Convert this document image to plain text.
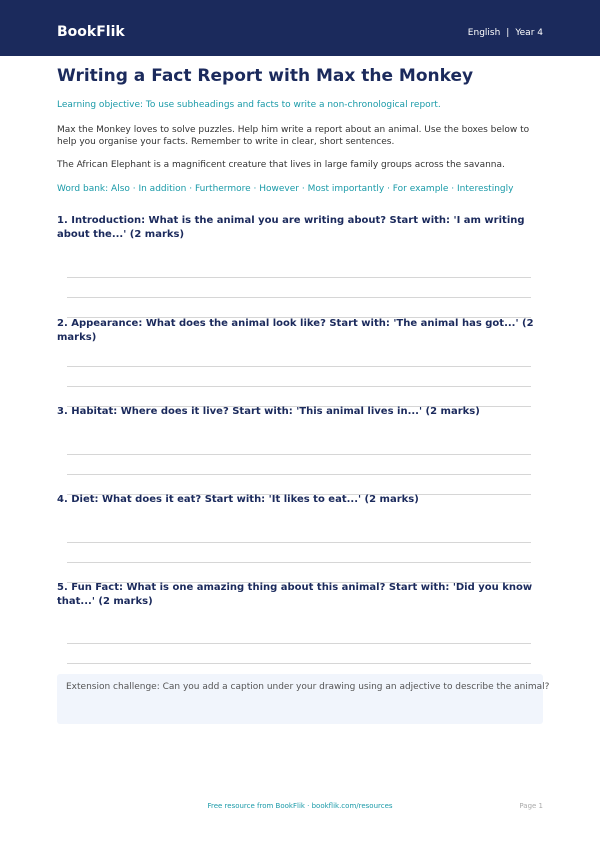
BookFlik	English | Year 4
Writing a Fact Report with Max the Monkey
Learning objective: To use subheadings and facts to write a non-chronological report.

Max the Monkey loves to solve puzzles. Help him write a report about an animal. Use the boxes below to help you organise your facts. Remember to write in clear, short sentences.

The African Elephant is a magnificent creature that lives in large family groups across the savanna.
Word bank: Also · In addition · Furthermore · However · Most importantly · For example · Interestingly

1. Introduction: What is the animal you are writing about? Start with: 'I am writing about the...' (2 marks)

2. Appearance: What does the animal look like? Start with: 'The animal has got...' (2 marks)

3. Habitat: Where does it live? Start with: 'This animal lives in...' (2 marks)

4. Diet: What does it eat? Start with: 'It likes to eat...' (2 marks)

5. Fun Fact: What is one amazing thing about this animal? Start with: 'Did you know that...' (2 marks)

Extension challenge: Can you add a caption under your drawing using an adjective to describe the animal?
Free resource from BookFlik · bookflik.com/resources	Page 1
